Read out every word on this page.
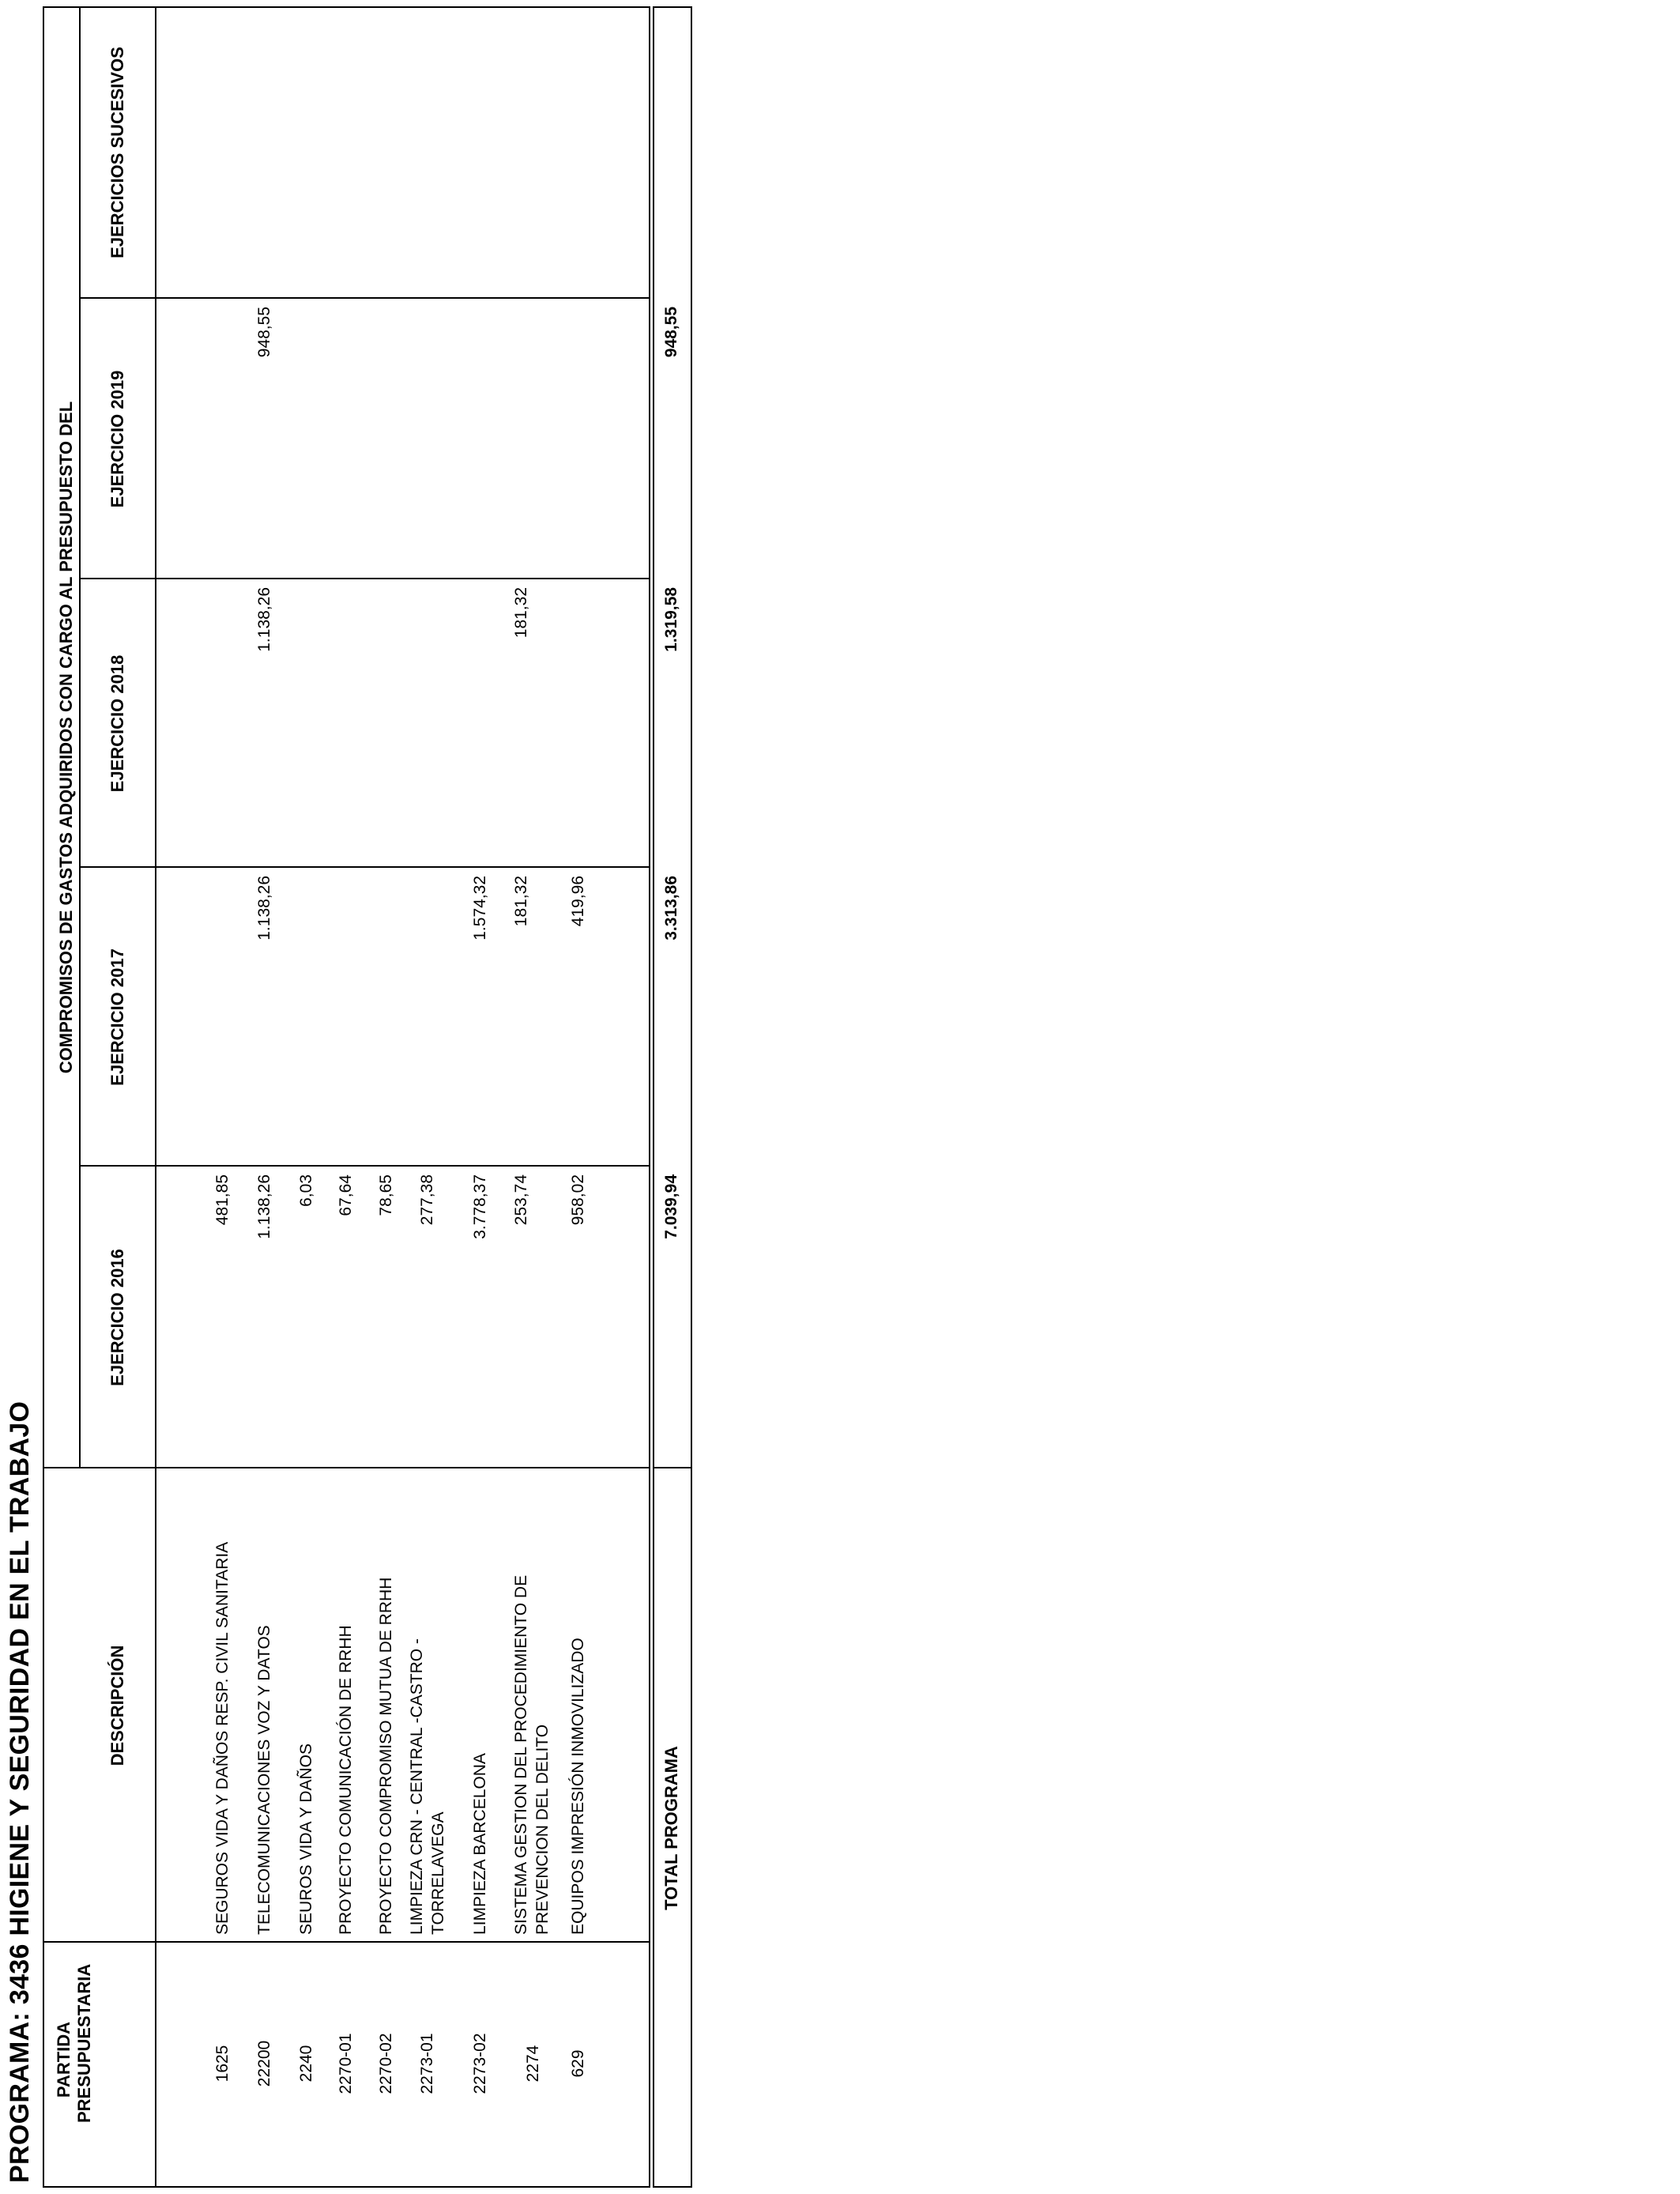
PROGRAMA: 3436 HIGIENE Y SEGURIDAD EN EL TRABAJO PARTIDA PRESUPUESTARIA
DESCRIPCIÓN
COMPROMISOS DE GASTOS ADQUIRIDOS CON CARGO AL PRESUPUESTO DEL
EJERCICIO 2016
EJERCICIO 2017
EJERCICIO 2018
EJERCICIO 2019
EJERCICIOS SUCESIVOS
1625
SEGUROS VIDA Y DAÑOS RESP. CIVIL SANITARIA
481,85
22200
TELECOMUNICACIONES VOZ Y DATOS
1.138,26
1.138,26
1.138,26
948,55
2240
SEUROS VIDA Y DAÑOS
6,03
2270-01
PROYECTO COMUNICACIÓN DE RRHH
67,64
2270-02
PROYECTO COMPROMISO MUTUA DE RRHH
78,65
2273-01
LIMPIEZA CRN - CENTRAL -CASTRO - TORRELAVEGA
277,38
2273-02
LIMPIEZA BARCELONA
3.778,37
1.574,32
2274
SISTEMA GESTION DEL PROCEDIMIENTO DE PREVENCION DEL DELITO
253,74
181,32
181,32
629
EQUIPOS IMPRESIÓN INMOVILIZADO
958,02
419,96
TOTAL PROGRAMA
7.039,94
3.313,86
1.319,58
948,55
